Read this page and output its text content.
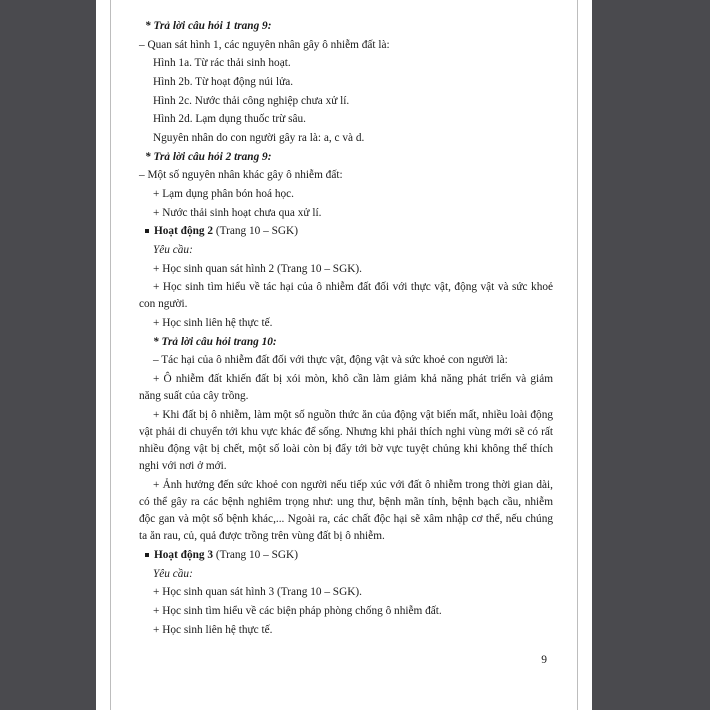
* Trả lời câu hỏi 1 trang 9:

– Quan sát hình 1, các nguyên nhân gây ô nhiễm đất là:

Hình 1a. Từ rác thải sinh hoạt.

Hình 2b. Từ hoạt động núi lửa.

Hình 2c. Nước thải công nghiệp chưa xử lí.

Hình 2d. Lạm dụng thuốc trừ sâu.

Nguyên nhân do con người gây ra là: a, c và d.

* Trả lời câu hỏi 2 trang 9:

– Một số nguyên nhân khác gây ô nhiễm đất:

+ Lạm dụng phân bón hoá học.

+ Nước thải sinh hoạt chưa qua xử lí.

Hoạt động 2 (Trang 10 – SGK)

Yêu cầu:

+ Học sinh quan sát hình 2 (Trang 10 – SGK).

+ Học sinh tìm hiểu về tác hại của ô nhiễm đất đối với thực vật, động vật và sức khoẻ con người.

+ Học sinh liên hệ thực tế.

* Trả lời câu hỏi trang 10:

– Tác hại của ô nhiễm đất đối với thực vật, động vật và sức khoẻ con người là:

+ Ô nhiễm đất khiến đất bị xói mòn, khô cần làm giảm khả năng phát triển và giảm năng suất của cây trồng.

+ Khi đất bị ô nhiễm, làm một số nguồn thức ăn của động vật biến mất, nhiều loài động vật phải di chuyển tới khu vực khác để sống. Nhưng khi phải thích nghi vùng mới sẽ có rất nhiều động vật bị chết, một số loài còn bị đẩy tới bờ vực tuyệt chủng khi không thể thích nghi với nơi ở mới.

+ Ảnh hưởng đến sức khoẻ con người nếu tiếp xúc với đất ô nhiễm trong thời gian dài, có thể gây ra các bệnh nghiêm trọng như: ung thư, bệnh mãn tính, bệnh bạch cầu, nhiễm độc gan và một số bệnh khác,... Ngoài ra, các chất độc hại sẽ xâm nhập cơ thể, nếu chúng ta ăn rau, củ, quả được trồng trên vùng đất bị ô nhiễm.

Hoạt động 3 (Trang 10 – SGK)

Yêu cầu:

+ Học sinh quan sát hình 3 (Trang 10 – SGK).

+ Học sinh tìm hiểu về các biện pháp phòng chống ô nhiễm đất.

+ Học sinh liên hệ thực tế.

9
